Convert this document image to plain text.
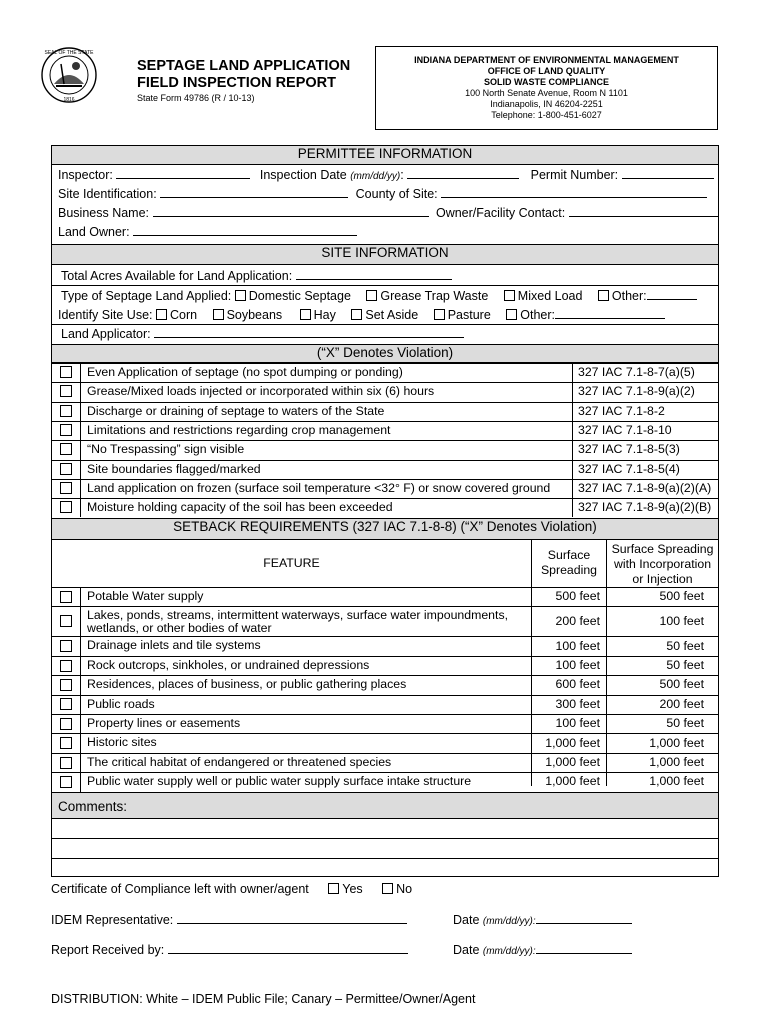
SEAL OF THE STATE
1816
SEPTAGE LAND APPLICATION
FIELD INSPECTION REPORT
State Form 49786 (R / 10-13)
INDIANA DEPARTMENT OF ENVIRONMENTAL MANAGEMENT
OFFICE OF LAND QUALITY
SOLID WASTE COMPLIANCE
100 North Senate Avenue, Room N 1101
Indianapolis, IN 46204-2251
Telephone: 1-800-451-6027
PERMITTEE INFORMATION
Inspector:	Inspection Date (mm/dd/yy):	Permit Number:
Site Identification:	County of Site:
Business Name:	Owner/Facility Contact:
Land Owner:
SITE INFORMATION
Total Acres Available for Land Application:
Type of Septage Land Applied: Domestic Septage Grease Trap Waste Mixed Load Other:
Identify Site Use: Corn Soybeans	Hay Set Aside Pasture Other:
Land Applicator:
(“X” Denotes Violation)
Even Application of septage (no spot dumping or ponding)	327 IAC 7.1-8-7(a)(5)
Grease/Mixed loads injected or incorporated within six (6) hours	327 IAC 7.1-8-9(a)(2)
Discharge or draining of septage to waters of the State	327 IAC 7.1-8-2
Limitations and restrictions regarding crop management	327 IAC 7.1-8-10
“No Trespassing” sign visible	327 IAC 7.1-8-5(3)
Site boundaries flagged/marked	327 IAC 7.1-8-5(4)
Land application on frozen (surface soil temperature <32° F) or snow covered ground 327 IAC 7.1-8-9(a)(2)(A)
Moisture holding capacity of the soil has been exceeded	327 IAC 7.1-8-9(a)(2)(B)
SETBACK REQUIREMENTS (327 IAC 7.1-8-8) (“X” Denotes Violation)
FEATURE
Surface
Spreading
Surface Spreading
with Incorporation
or Injection
Potable Water supply	500 feet	500 feet
Lakes, ponds, streams, intermittent waterways, surface water impoundments,
wetlands, or other bodies of water
200 feet	100 feet
Drainage inlets and tile systems	100 feet	50 feet
Rock outcrops, sinkholes, or undrained depressions	100 feet	50 feet
Residences, places of business, or public gathering places	600 feet	500 feet
Public roads	300 feet	200 feet
Property lines or easements	100 feet	50 feet
Historic sites	1,000 feet	1,000 feet
The critical habitat of endangered or threatened species	1,000 feet	1,000 feet
Public water supply well or public water supply surface intake structure	1,000 feet	1,000 feet
Comments:
Certificate of Compliance left with owner/agent	Yes	No
IDEM Representative:	Date (mm/dd/yy):
Report Received by:	Date (mm/dd/yy):
DISTRIBUTION: White – IDEM Public File; Canary – Permittee/Owner/Agent
